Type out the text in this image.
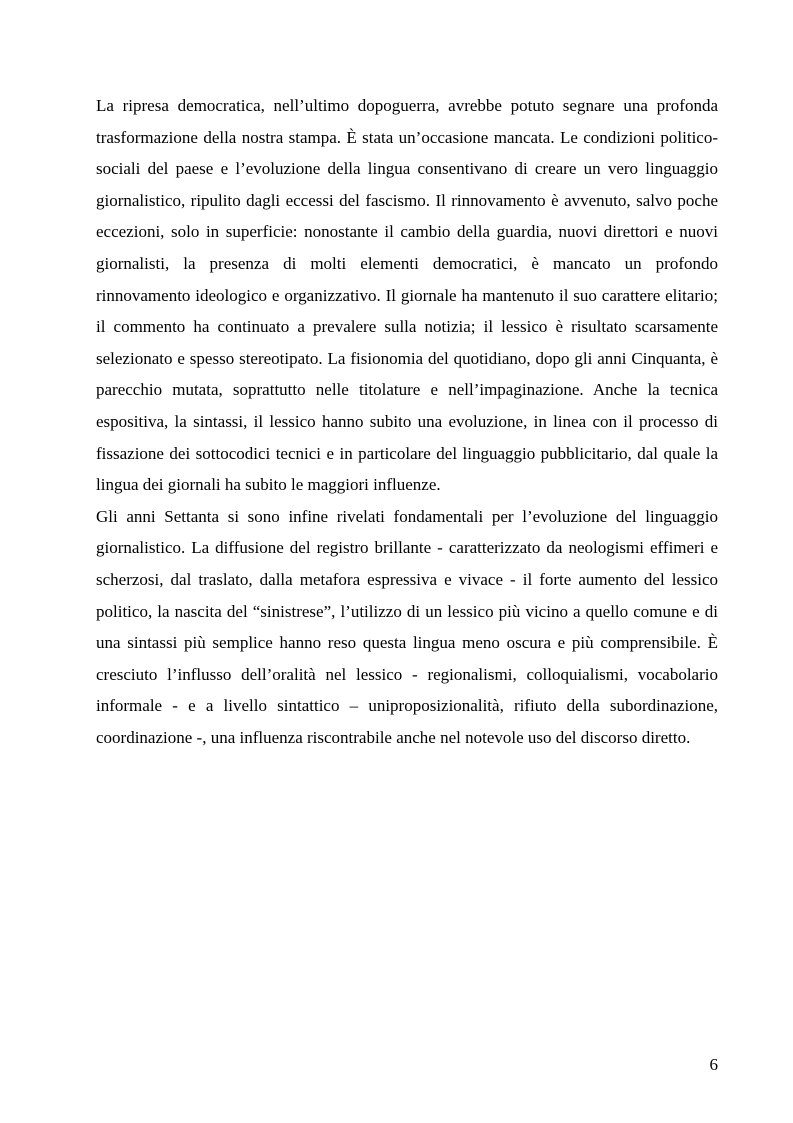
La ripresa democratica, nell’ultimo dopoguerra, avrebbe potuto segnare una profonda trasformazione della nostra stampa. È stata un’occasione mancata. Le condizioni politico-sociali del paese e l’evoluzione della lingua consentivano di creare un vero linguaggio giornalistico, ripulito dagli eccessi del fascismo. Il rinnovamento è avvenuto, salvo poche eccezioni, solo in superficie: nonostante il cambio della guardia, nuovi direttori e nuovi giornalisti, la presenza di molti elementi democratici, è mancato un profondo rinnovamento ideologico e organizzativo. Il giornale ha mantenuto il suo carattere elitario; il commento ha continuato a prevalere sulla notizia; il lessico è risultato scarsamente selezionato e spesso stereotipato. La fisionomia del quotidiano, dopo gli anni Cinquanta, è parecchio mutata, soprattutto nelle titolature e nell’impaginazione. Anche la tecnica espositiva, la sintassi, il lessico hanno subito una evoluzione, in linea con il processo di fissazione dei sottocodici tecnici e in particolare del linguaggio pubblicitario, dal quale la lingua dei giornali ha subito le maggiori influenze.

Gli anni Settanta si sono infine rivelati fondamentali per l’evoluzione del linguaggio giornalistico. La diffusione del registro brillante - caratterizzato da neologismi effimeri e scherzosi, dal traslato, dalla metafora espressiva e vivace - il forte aumento del lessico politico, la nascita del “sinistrese”, l’utilizzo di un lessico più vicino a quello comune e di una sintassi più semplice hanno reso questa lingua meno oscura e più comprensibile. È cresciuto l’influsso dell’oralità nel lessico - regionalismi, colloquialismi, vocabolario informale - e a livello sintattico – uniproposizionalità, rifiuto della subordinazione, coordinazione -, una influenza riscontrabile anche nel notevole uso del discorso diretto.

6
